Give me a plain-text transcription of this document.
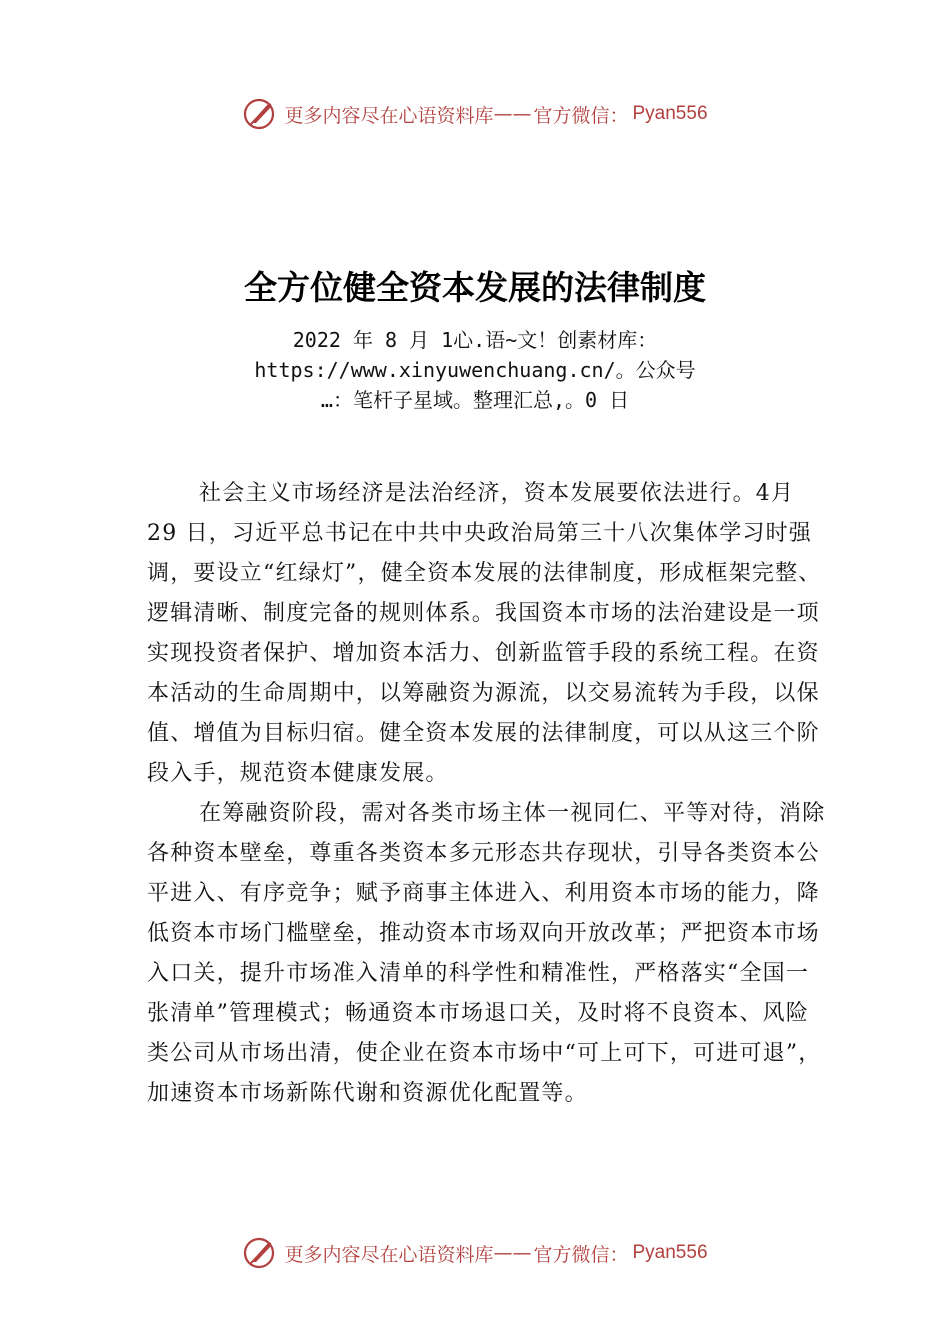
更多内容尽在心语资料库 —— 官方微信： Pyan556
全方位健全资本发展的法律制度
2022 年 8 月 1心.语~文！创素材库：
https://www.xinyuwenchuang.cn/。公众号
…：笔杆子星域。整理汇总,。0 日

社会主义市场经济是法治经济，资本发展要依法进行。4月 29 日，习近平总书记在中共中央政治局第三十八次集体学习时强调，要设立“红绿灯”，健全资本发展的法律制度，形成框架完整、逻辑清晰、制度完备的规则体系。我国资本市场的法治建设是一项实现投资者保护、增加资本活力、创新监管手段的系统工程。在资本活动的生命周期中，以筹融资为源流，以交易流转为手段，以保值、增值为目标归宿。健全资本发展的法律制度，可以从这三个阶段入手，规范资本健康发展。

在筹融资阶段，需对各类市场主体一视同仁、平等对待，消除各种资本壁垒，尊重各类资本多元形态共存现状，引导各类资本公平进入、有序竞争；赋予商事主体进入、利用资本市场的能力，降低资本市场门槛壁垒，推动资本市场双向开放改革；严把资本市场入口关，提升市场准入清单的科学性和精准性，严格落实“全国一张清单”管理模式；畅通资本市场退口关，及时将不良资本、风险类公司从市场出清，使企业在资本市场中“可上可下，可进可退”，加速资本市场新陈代谢和资源优化配置等。

更多内容尽在心语资料库 —— 官方微信： Pyan556
